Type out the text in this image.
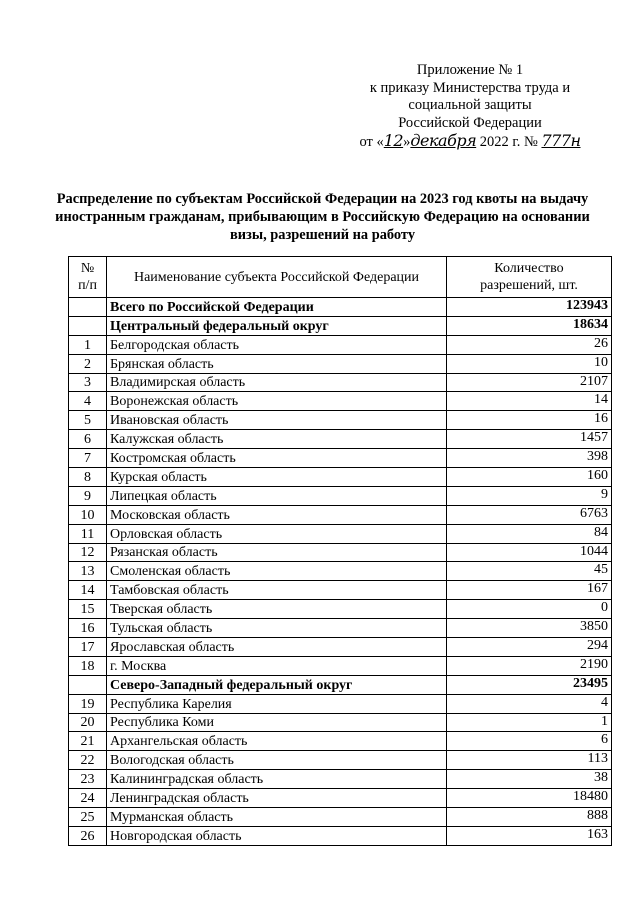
Приложение № 1
к приказу Министерства труда и
социальной защиты
Российской Федерации
от «12»декабря 2022 г. № 777н
Распределение по субъектам Российской Федерации на 2023 год квоты на выдачу иностранным гражданам, прибывающим в Российскую Федерацию на основании визы, разрешений на работу
№
п/п	Наименование субъекта Российской Федерации	Количество
разрешений, шт.
	Всего по Российской Федерации	123943
	Центральный федеральный округ	18634
1	Белгородская область	26
2	Брянская область	10
3	Владимирская область	2107
4	Воронежская область	14
5	Ивановская область	16
6	Калужская область	1457
7	Костромская область	398
8	Курская область	160
9	Липецкая область	9
10	Московская область	6763
11	Орловская область	84
12	Рязанская область	1044
13	Смоленская область	45
14	Тамбовская область	167
15	Тверская область	0
16	Тульская область	3850
17	Ярославская область	294
18	г. Москва	2190
	Северо-Западный федеральный округ	23495
19	Республика Карелия	4
20	Республика Коми	1
21	Архангельская область	6
22	Вологодская область	113
23	Калининградская область	38
24	Ленинградская область	18480
25	Мурманская область	888
26	Новгородская область	163
